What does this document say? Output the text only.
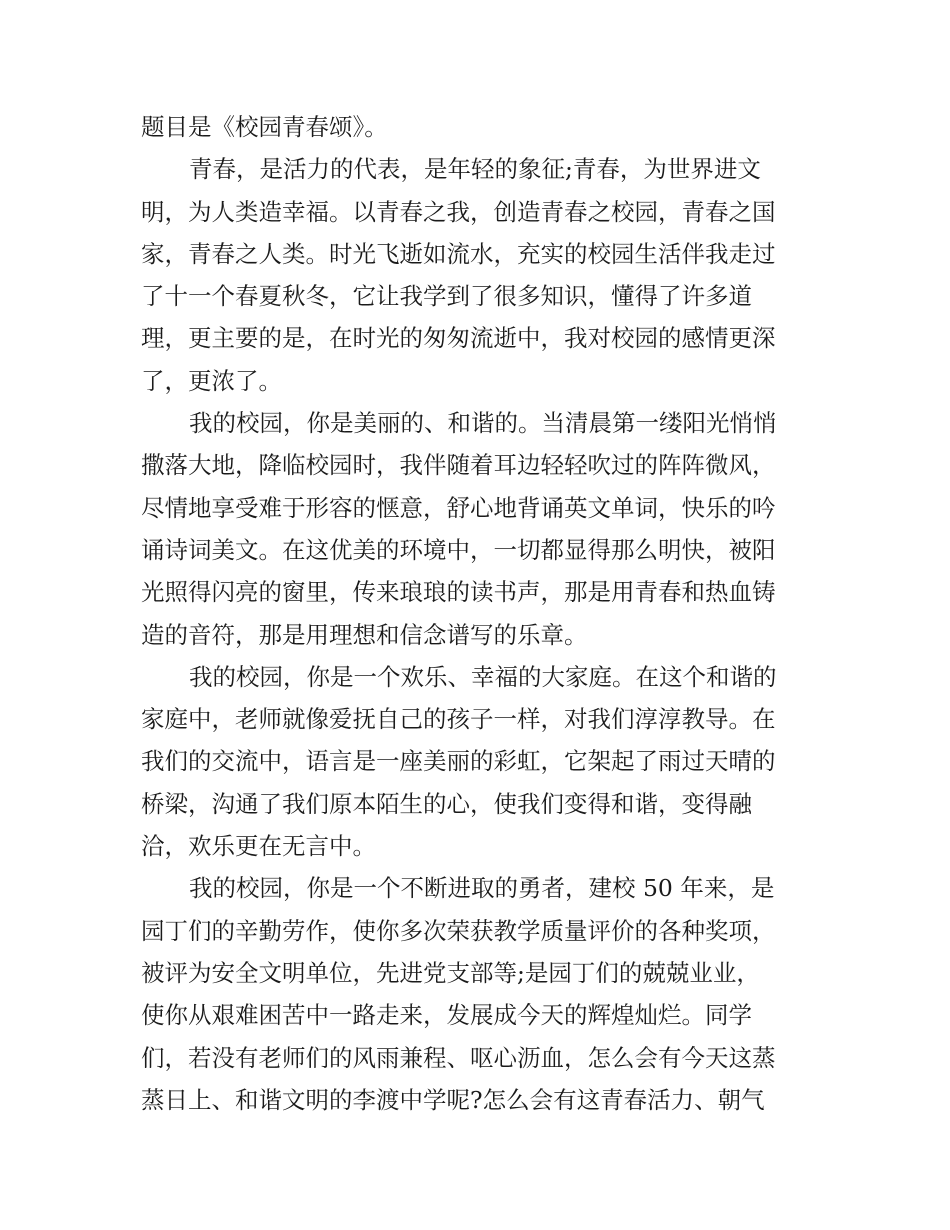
题目是《校园青春颂》。
青春，是活力的代表，是年轻的象征;青春，为世界进文
明，为人类造幸福。以青春之我，创造青春之校园，青春之国
家，青春之人类。时光飞逝如流水，充实的校园生活伴我走过
了十一个春夏秋冬，它让我学到了很多知识，懂得了许多道
理，更主要的是，在时光的匆匆流逝中，我对校园的感情更深
了，更浓了。
我的校园，你是美丽的、和谐的。当清晨第一缕阳光悄悄
撒落大地，降临校园时，我伴随着耳边轻轻吹过的阵阵微风，
尽情地享受难于形容的惬意，舒心地背诵英文单词，快乐的吟
诵诗词美文。在这优美的环境中，一切都显得那么明快，被阳
光照得闪亮的窗里，传来琅琅的读书声，那是用青春和热血铸
造的音符，那是用理想和信念谱写的乐章。
我的校园，你是一个欢乐、幸福的大家庭。在这个和谐的
家庭中，老师就像爱抚自己的孩子一样，对我们淳淳教导。在
我们的交流中，语言是一座美丽的彩虹，它架起了雨过天晴的
桥梁，沟通了我们原本陌生的心，使我们变得和谐，变得融
洽，欢乐更在无言中。
我的校园，你是一个不断进取的勇者，建校 50 年来，是
园丁们的辛勤劳作，使你多次荣获教学质量评价的各种奖项，
被评为安全文明单位，先进党支部等;是园丁们的兢兢业业，
使你从艰难困苦中一路走来，发展成今天的辉煌灿烂。同学
们，若没有老师们的风雨兼程、呕心沥血，怎么会有今天这蒸
蒸日上、和谐文明的李渡中学呢?怎么会有这青春活力、朝气
